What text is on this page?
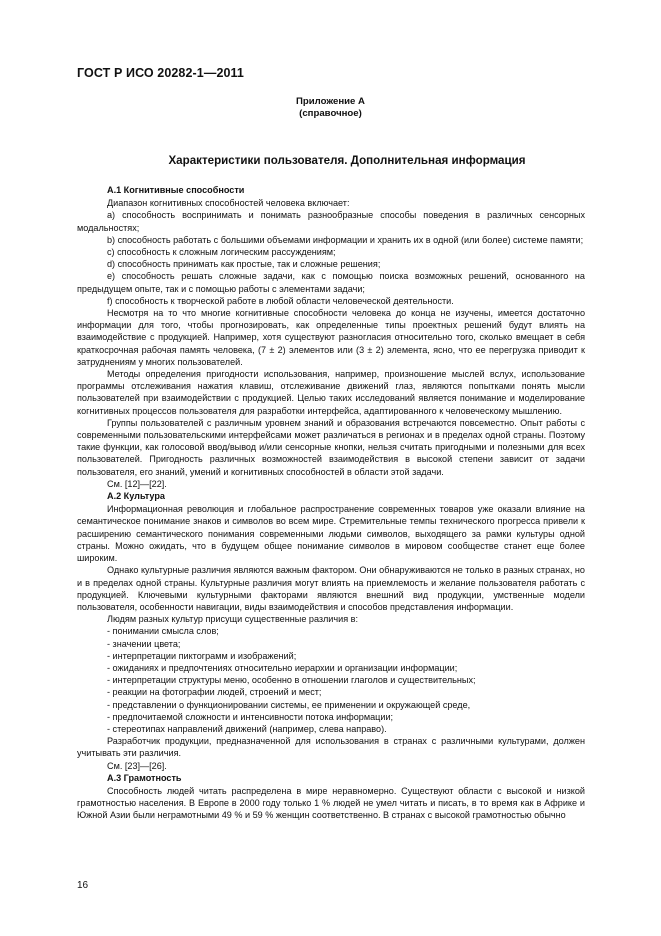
ГОСТ Р ИСО 20282-1—2011
Приложение А
(справочное)
Характеристики пользователя. Дополнительная информация

А.1 Когнитивные способности

Диапазон когнитивных способностей человека включает:

a) способность воспринимать и понимать разнообразные способы поведения в различных сенсорных модальностях;

b) способность работать с большими объемами информации и хранить их в одной (или более) системе памяти;

c) способность к сложным логическим рассуждениям;

d) способность принимать как простые, так и сложные решения;

e) способность решать сложные задачи, как с помощью поиска возможных решений, основанного на предыдущем опыте, так и с помощью работы с элементами задачи;

f) способность к творческой работе в любой области человеческой деятельности.

Несмотря на то что многие когнитивные способности человека до конца не изучены, имеется достаточно информации для того, чтобы прогнозировать, как определенные типы проектных решений будут влиять на взаимодействие с продукцией. Например, хотя существуют разногласия относительно того, сколько вмещает в себя краткосрочная рабочая память человека, (7 ± 2) элементов или (3 ± 2) элемента, ясно, что ее перегрузка приводит к затруднениям у многих пользователей.

Методы определения пригодности использования, например, произношение мыслей вслух, использование программы отслеживания нажатия клавиш, отслеживание движений глаз, являются попытками понять мысли пользователей при взаимодействии с продукцией. Целью таких исследований является понимание и моделирование когнитивных процессов пользователя для разработки интерфейса, адаптированного к человеческому мышлению.

Группы пользователей с различным уровнем знаний и образования встречаются повсеместно. Опыт работы с современными пользовательскими интерфейсами может различаться в регионах и в пределах одной страны. Поэтому такие функции, как голосовой ввод/вывод и/или сенсорные кнопки, нельзя считать пригодными и полезными для всех пользователей. Пригодность различных возможностей взаимодействия в высокой степени зависит от задачи пользователя, его знаний, умений и когнитивных способностей в области этой задачи.

См. [12]—[22].

А.2 Культура

Информационная революция и глобальное распространение современных товаров уже оказали влияние на семантическое понимание знаков и символов во всем мире. Стремительные темпы технического прогресса привели к расширению семантического понимания современными людьми символов, выходящего за рамки культуры одной страны. Можно ожидать, что в будущем общее понимание символов в мировом сообществе станет еще более широким.

Однако культурные различия являются важным фактором. Они обнаруживаются не только в разных странах, но и в пределах одной страны. Культурные различия могут влиять на приемлемость и желание пользователя работать с продукцией. Ключевыми культурными факторами являются внешний вид продукции, умственные модели пользователя, особенности навигации, виды взаимодействия и способов представления информации.

Людям разных культур присущи существенные различия в:

- понимании смысла слов;

- значении цвета;

- интерпретации пиктограмм и изображений;

- ожиданиях и предпочтениях относительно иерархии и организации информации;

- интерпретации структуры меню, особенно в отношении глаголов и существительных;

- реакции на фотографии людей, строений и мест;

- представлении о функционировании системы, ее применении и окружающей среде,

- предпочитаемой сложности и интенсивности потока информации;

- стереотипах направлений движений (например, слева направо).

Разработчик продукции, предназначенной для использования в странах с различными культурами, должен учитывать эти различия.

См. [23]—[26].

А.3 Грамотность

Способность людей читать распределена в мире неравномерно. Существуют области с высокой и низкой грамотностью населения. В Европе в 2000 году только 1 % людей не умел читать и писать, в то время как в Африке и Южной Азии были неграмотными 49 % и 59 % женщин соответственно. В странах с высокой грамотностью обычно

16
